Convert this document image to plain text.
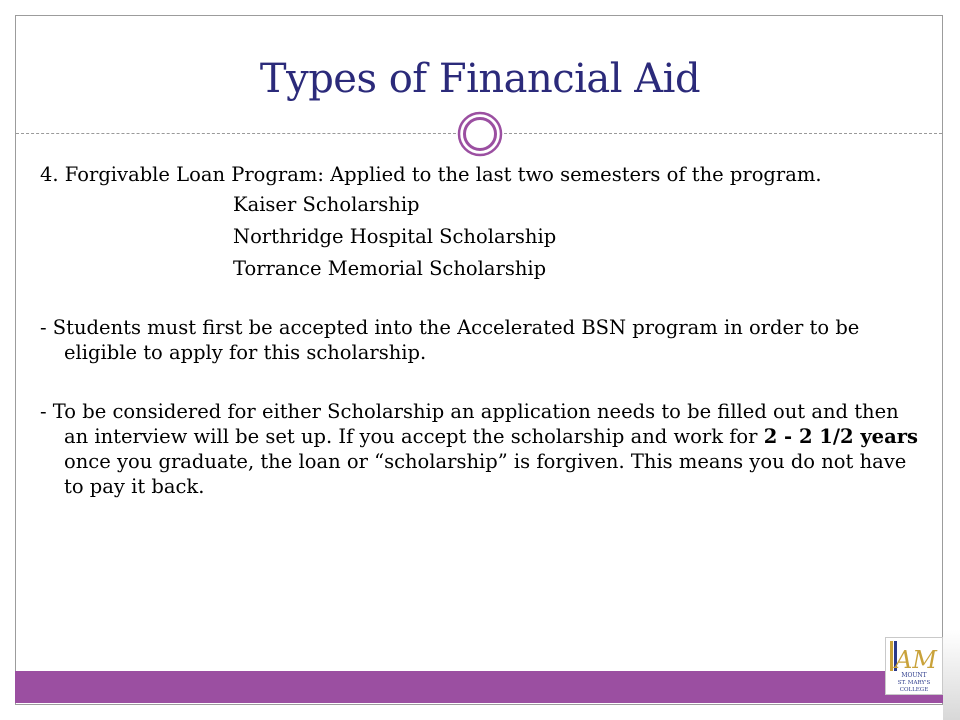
Types of Financial Aid

4. Forgivable Loan Program: Applied to the last two semesters of the program.

Kaiser Scholarship

Northridge Hospital Scholarship

Torrance Memorial Scholarship

- Students must first be accepted into the Accelerated BSN program in order to be eligible to apply for this scholarship.

- To be considered for either Scholarship an application needs to be filled out and then an interview will be set up. If you accept the scholarship and work for 2 - 2 1/2 years once you graduate, the loan or “scholarship” is forgiven. This means you do not have to pay it back.

AM
MOUNT
ST. MARY'S
COLLEGE
